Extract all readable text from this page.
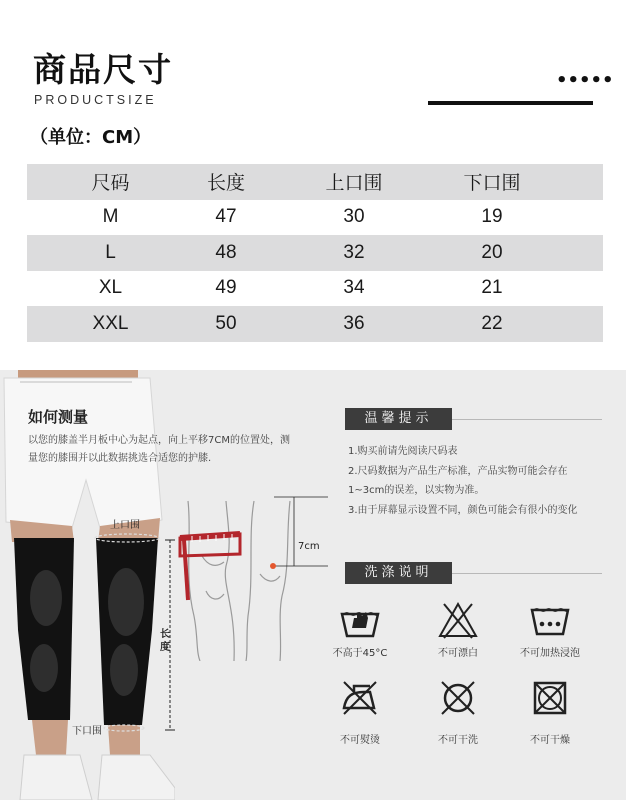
商品尺寸
PRODUCTSIZE
•••••
（单位：CM）
尺码	长度	上口围	下口围
M	47	30	19
L	48	32	20
XL	49	34	21
XXL	50	36	22
如何测量
以您的膝盖半月板中心为起点，向上平移7CM的位置处，测量您的膝围并以此数据挑选合适您的护膝.
上口围
长度
下口围
7cm
温馨提示
1.购买前请先阅读尺码表
2.尺码数据为产品生产标准，产品实物可能会存在1~3cm的误差，以实物为准。
3.由于屏幕显示设置不同，颜色可能会有很小的变化
洗涤说明
不高于45°C	不可漂白	不可加热浸泡
不可熨烫	不可干洗	不可干燥
